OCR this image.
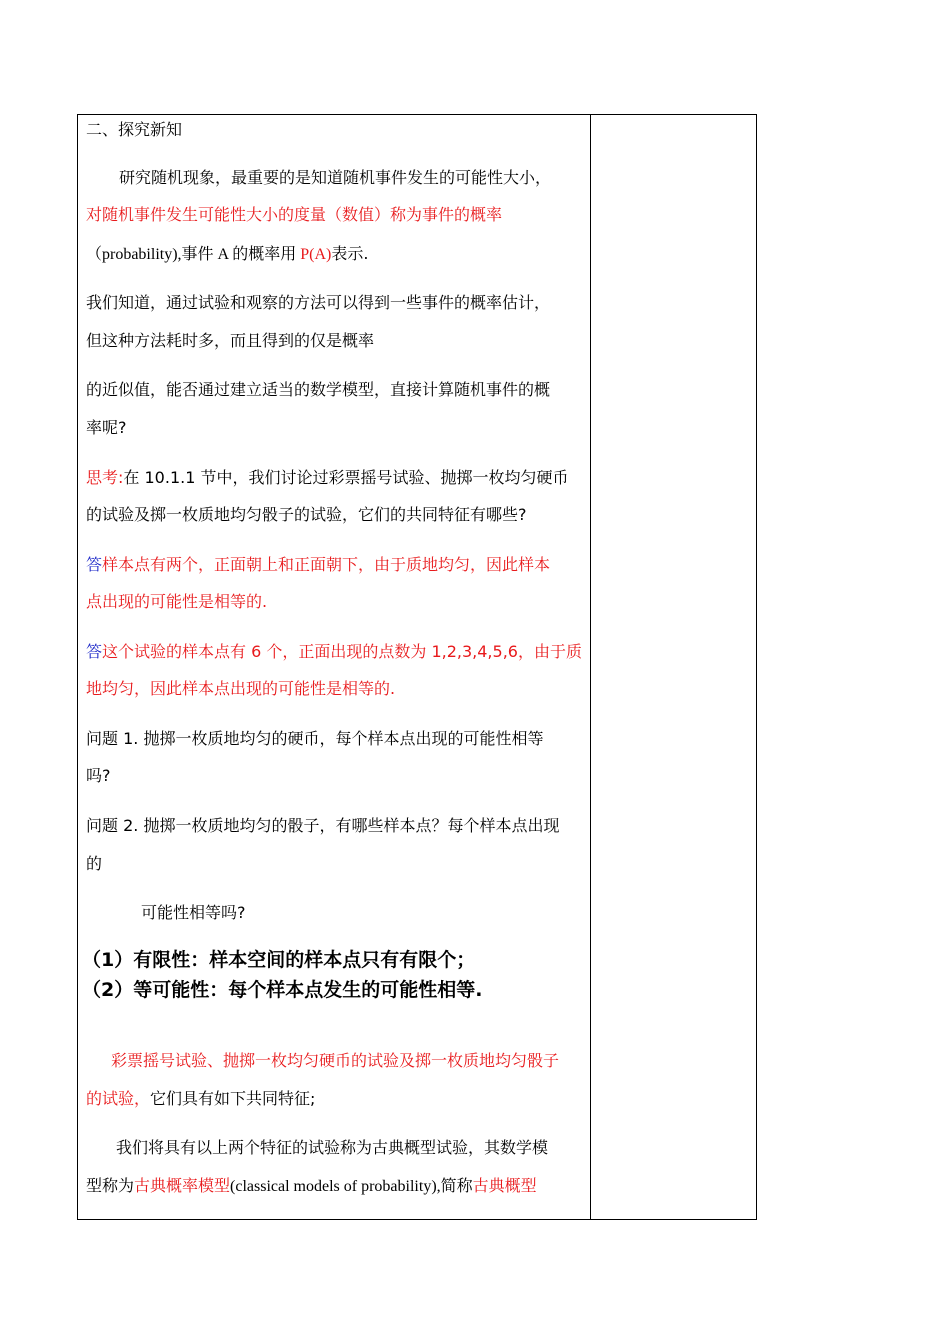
二、探究新知
研究随机现象，最重要的是知道随机事件发生的可能性大小，
对随机事件发生可能性大小的度量（数值）称为事件的概率
（probability),事件 A 的概率用 P(A)表示.
我们知道，通过试验和观察的方法可以得到一些事件的概率估计，
但这种方法耗时多，而且得到的仅是概率
的近似值，能否通过建立适当的数学模型，直接计算随机事件的概
率呢?
思考:在 10.1.1 节中，我们讨论过彩票摇号试验、抛掷一枚均匀硬币
的试验及掷一枚质地均匀骰子的试验，它们的共同特征有哪些?
答样本点有两个，正面朝上和正面朝下，由于质地均匀，因此样本
点出现的可能性是相等的.
答这个试验的样本点有 6 个，正面出现的点数为 1,2,3,4,5,6，由于质
地均匀，因此样本点出现的可能性是相等的.
问题 1. 抛掷一枚质地均匀的硬币，每个样本点出现的可能性相等
吗?
问题 2. 抛掷一枚质地均匀的骰子，有哪些样本点？每个样本点出现
的
可能性相等吗?
（1）有限性：样本空间的样本点只有有限个；
（2）等可能性：每个样本点发生的可能性相等.
彩票摇号试验、抛掷一枚均匀硬币的试验及掷一枚质地均匀骰子
的试验，它们具有如下共同特征;
我们将具有以上两个特征的试验称为古典概型试验，其数学模
型称为古典概率模型(classical models of probability),简称古典概型
